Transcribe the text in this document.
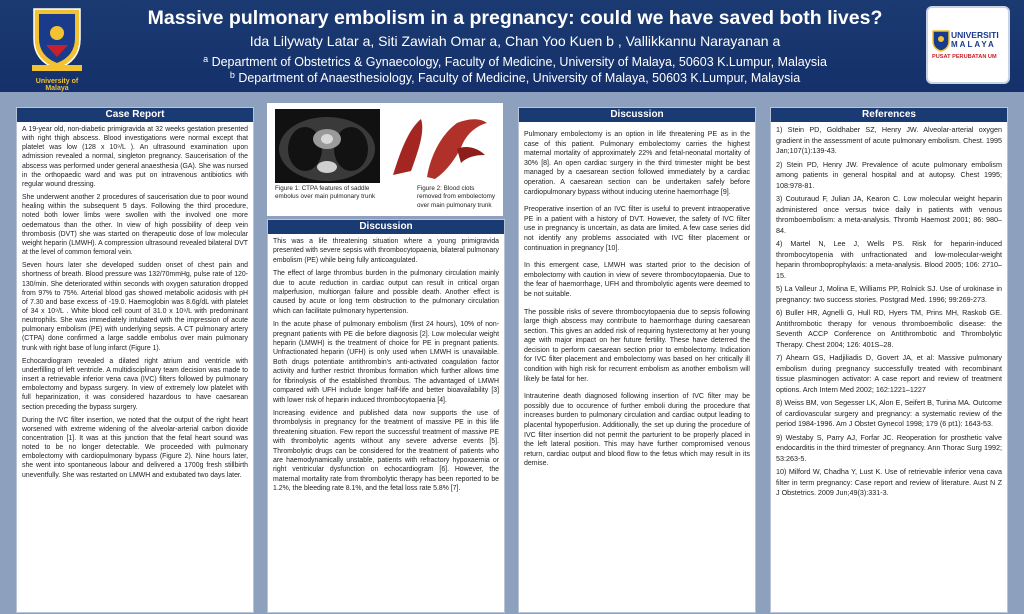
University of Malaya
Massive pulmonary embolism in a pregnancy: could we have saved both lives?
Ida Lilywaty Latar a, Siti Zawiah Omar a, Chan Yoo Kuen b , Vallikkannu Narayanan a
$^a$ Department of Obstetrics & Gynaecology, Faculty of Medicine, University of Malaya, 50603 K.Lumpur, Malaysia
$^b$ Department of Anaesthesiology, Faculty of Medicine, University of Malaya, 50603 K.Lumpur, Malaysia
UNIVERSITI
MALAYA
PUSAT PERUBATAN UM
Case Report

A 19-year old, non-diabetic primigravida at 32 weeks gestation presented with right thigh abscess. Blood investigations were normal except that platelet was low (128 x 10⁹/L ). An ultrasound examination upon admission revealed a normal, singleton pregnancy. Saucerisation of the abscess was performed under general anaesthesia (GA). She was nursed in the orthopaedic ward and was put on intravenous antibiotics with regular wound dressing.

She underwent another 2 procedures of saucerisation due to poor wound healing within the subsequent 5 days. Following the third procedure, noted both lower limbs were swollen with the involved one more oedematous than the other. In view of high possibility of deep vein thrombosis (DVT) she was started on therapeutic dose of low molecular weight heparin (LMWH). A compression ultrasound revealed bilateral DVT at the level of common femoral vein.

Seven hours later she developed sudden onset of chest pain and shortness of breath. Blood pressure was 132/70mmHg, pulse rate of 120-130/min. She deteriorated within seconds with oxygen saturation dropped from 97% to 75%. Arterial blood gas showed metabolic acidosis with pH of 7.30 and base excess of -19.0. Haemoglobin was 8.6g/dL with platelet of 34 x 10⁹/L . White blood cell count of 31.0 x 10⁹/L with predominant neutrophils. She was immediately intubated with the impression of acute pulmonary embolism (PE) with underlying sepsis. A CT pulmonary artery (CTPA) done confirmed a large saddle embolus over main pulmonary trunk with right base of lung infarct (Figure 1).

Echocardiogram revealed a dilated right atrium and ventricle with underfilling of left ventricle. A multidisciplinary team decision was made to insert a retrievable inferior vena cava (IVC) filters followed by pulmonary embolectomy and bypass surgery. In view of extremely low platelet with full heparinization, it was considered hazardous to have caesarean section preceding the bypass surgery.

During the IVC filter insertion, we noted that the output of the right heart worsened with extreme widening of the alveolar-arterial carbon dioxide concentration [1]. It was at this junction that the fetal heart sound was noted to be no longer detectable. We proceeded with pulmonary embolectomy with cardiopulmonary bypass (Figure 2). Nine hours later, she went into spontaneous labour and delivered a 1700g fresh stillbirth uneventfully. She was restarted on LMWH and extubated two days later.

Figure 1: CTPA features of saddle embolus over main pulmonary trunk
Figure 2: Blood clots removed from embolectomy over main pulmonary trunk
Discussion

This was a life threatening situation where a young primigravida presented with severe sepsis with thrombocytopaenia, bilateral pulmonary embolism (PE) while being fully anticoagulated.

The effect of large thrombus burden in the pulmonary circulation mainly due to acute reduction in cardiac output can result in critical organ malperfusion, multiorgan failure and possible death. Another effect is caused by acute or long term obstruction to the pulmonary circulation which can facilitate pulmonary hypertension.

In the acute phase of pulmonary embolism (first 24 hours), 10% of non-pregnant patients with PE die before diagnosis [2]. Low molecular weight heparin (LMWH) is the treatment of choice for PE in pregnant patients. Unfractionated heparin (UFH) is only used when LMWH is unavailable. Both drugs potentiate antithrombin's anti-activated coagulation factor activity and further restrict thrombus formation which further allows time for fibrinolysis of the established thrombus. The advantaged of LMWH compared with UFH include longer half-life and better bioavailability [3] with lower risk of heparin induced thrombocytopaenia [4].

Increasing evidence and published data now supports the use of thrombolysis in pregnancy for the treatment of massive PE in this life threatening situation. Few report the successful treatment of massive PE with thrombolytic agents without any severe adverse events [5]. Thrombolytic drugs can be considered for the treatment of patients who are haemodynamically unstable, patients with refractory hypoxaemia or right ventricular dysfunction on echocardiogram [6]. However, the maternal mortality rate from thrombolytic therapy has been reported to be 1.2%, the bleeding rate 8.1%, and the fetal loss rate 5.8% [7].

Discussion

Pulmonary embolectomy is an option in life threatening PE as in the case of this patient. Pulmonary embolectomy carries the highest maternal mortality of approximately 22% and fetal-neonatal mortality of 30% [8]. An open cardiac surgery in the third trimester might be best managed by a caesarean section followed immediately by a cardiac operation. A caesarean section can be undertaken safely before cardiopulmonary bypass without inducing uterine haemorrhage [9].

Preoperative insertion of an IVC filter is useful to prevent intraoperative PE in a patient with a history of DVT. However, the safety of IVC filter use in pregnancy is uncertain, as data are limited. A few case series did not identify any problems associated with IVC filter placement or continuation in pregnancy [10].

In this emergent case, LMWH was started prior to the decision of embolectomy with caution in view of severe thrombocytopaenia. Due to the fear of haemorrhage, UFH and thrombolytic agents were deemed to be not suitable.

The possible risks of severe thrombocytopaenia due to sepsis following large thigh abscess may contribute to haemorrhage during caesarean section. This gives an added risk of requiring hysterectomy at her young age with major impact on her future fertility. These have deterred the decision to perform caesarean section prior to embolectomy. Indication for IVC filter placement and embolectomy was based on her critically ill condition with high risk for recurrent embolism as another embolism will likely be fatal for her.

Intrauterine death diagnosed following insertion of IVC filter may be possibly due to occurence of further emboli during the procedure that increases burden to pulmonary circulation and cardiac output leading to placental hypoperfusion. Additionally, the set up during the procedure of IVC filter insertion did not permit the parturient to be properly placed in the left lateral position. This may have further compromised venous return, cardiac output and blood flow to the fetus which may result in its demise.

References

1) Stein PD, Goldhaber SZ, Henry JW. Alveolar-arterial oxygen gradient in the assessment of acute pulmonary embolism. Chest. 1995 Jan;107(1):139-43.

2) Stein PD, Henry JW. Prevalence of acute pulmonary embolism among patients in general hospital and at autopsy. Chest 1995; 108:978-81.

3) Couturaud F, Julian JA, Kearon C. Low molecular weight heparin administered once versus twice daily in patients with venous thromboembolism: a meta-analysis. Thromb Haemost 2001; 86: 980–84.

4) Martel N, Lee J, Wells PS. Risk for heparin-induced thrombocytopenia with unfractionated and low-molecular-weight heparin thromboprophylaxis: a meta-analysis. Blood 2005; 106: 2710–15.

5) La Valleur J, Molina E, Williams PP, Rolnick SJ. Use of urokinase in pregnancy: two success stories. Postgrad Med. 1996; 99:269-273.

6) Buller HR, Agnelli G, Hull RD, Hyers TM, Prins MH, Raskob GE. Antithrombotic therapy for venous thromboembolic disease: the Seventh ACCP Conference on Antithrombotic and Thrombolytic Therapy. Chest 2004; 126: 401S–28.

7) Ahearn GS, Hadjiliadis D, Govert JA, et al: Massive pulmonary embolism during pregnancy successfully treated with recombinant tissue plasminogen activator: A case report and review of treatment options. Arch Intern Med 2002; 162:1221–1227

8) Weiss BM, von Segesser LK, Alon E, Seifert B, Turina MA. Outcome of cardiovascular surgery and pregnancy: a systematic review of the period 1984-1996. Am J Obstet Gynecol 1998; 179 (6 pt1): 1643-53.

9) Westaby S, Parry AJ, Forfar JC. Reoperation for prosthetic valve endocarditis in the third trimester of pregnancy. Ann Thorac Surg 1992; 53:263-5.

10) Milford W, Chadha Y, Lust K. Use of retrievable inferior vena cava filter in term pregnancy: Case report and review of literature. Aust N Z J Obstetrics. 2009 Jun;49(3):331-3.
